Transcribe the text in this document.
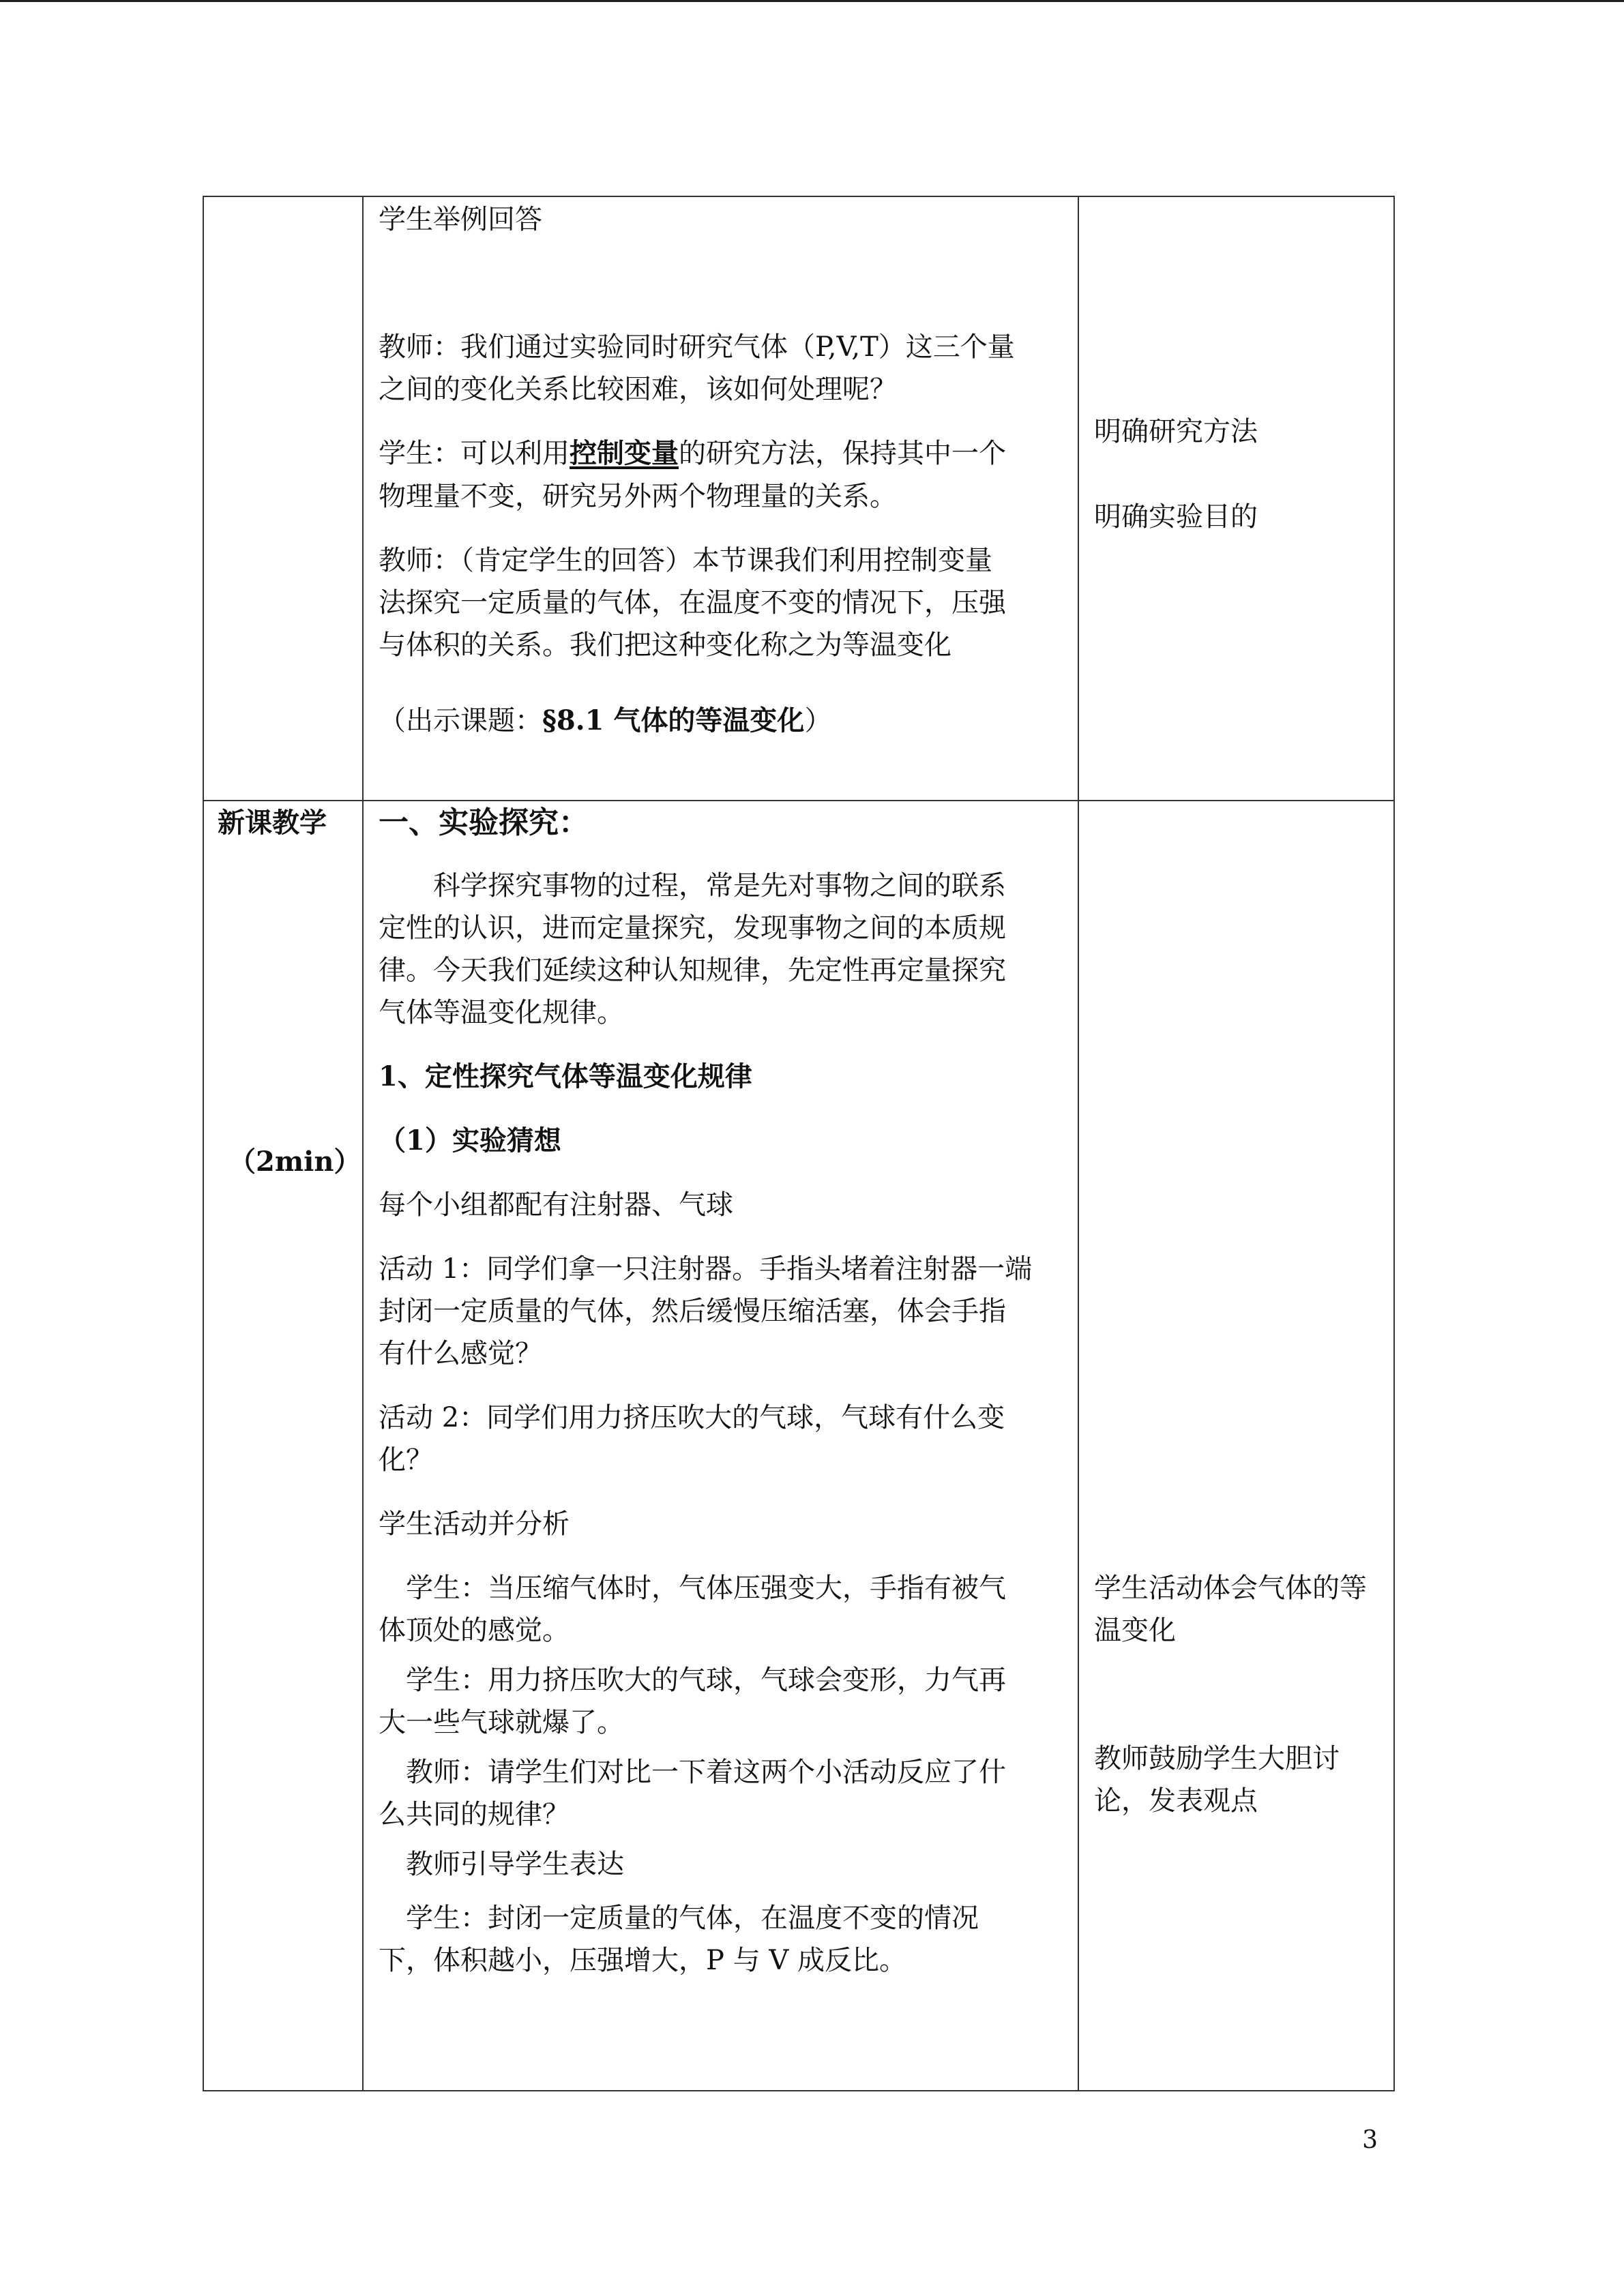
学生举例回答
教师：我们通过实验同时研究气体（P,V,T）这三个量
之间的变化关系比较困难，该如何处理呢？
学生：可以利用控制变量的研究方法，保持其中一个
物理量不变，研究另外两个物理量的关系。
教师：（肯定学生的回答）本节课我们利用控制变量
法探究一定质量的气体，在温度不变的情况下，压强
与体积的关系。我们把这种变化称之为等温变化
（出示课题：§8.1 气体的等温变化）
明确研究方法
明确实验目的
新课教学
（2min）
一、实验探究：
科学探究事物的过程，常是先对事物之间的联系
定性的认识，进而定量探究，发现事物之间的本质规
律。今天我们延续这种认知规律，先定性再定量探究
气体等温变化规律。
1、定性探究气体等温变化规律
（1）实验猜想
每个小组都配有注射器、气球
活动 1：同学们拿一只注射器。手指头堵着注射器一端
封闭一定质量的气体，然后缓慢压缩活塞，体会手指
有什么感觉？
活动 2：同学们用力挤压吹大的气球，气球有什么变
化？
学生活动并分析
学生：当压缩气体时，气体压强变大，手指有被气
体顶处的感觉。
学生：用力挤压吹大的气球，气球会变形，力气再
大一些气球就爆了。
教师：请学生们对比一下着这两个小活动反应了什
么共同的规律？
教师引导学生表达
学生：封闭一定质量的气体，在温度不变的情况
下，体积越小，压强增大，P 与 V 成反比。
学生活动体会气体的等
温变化
教师鼓励学生大胆讨
论，发表观点
3
